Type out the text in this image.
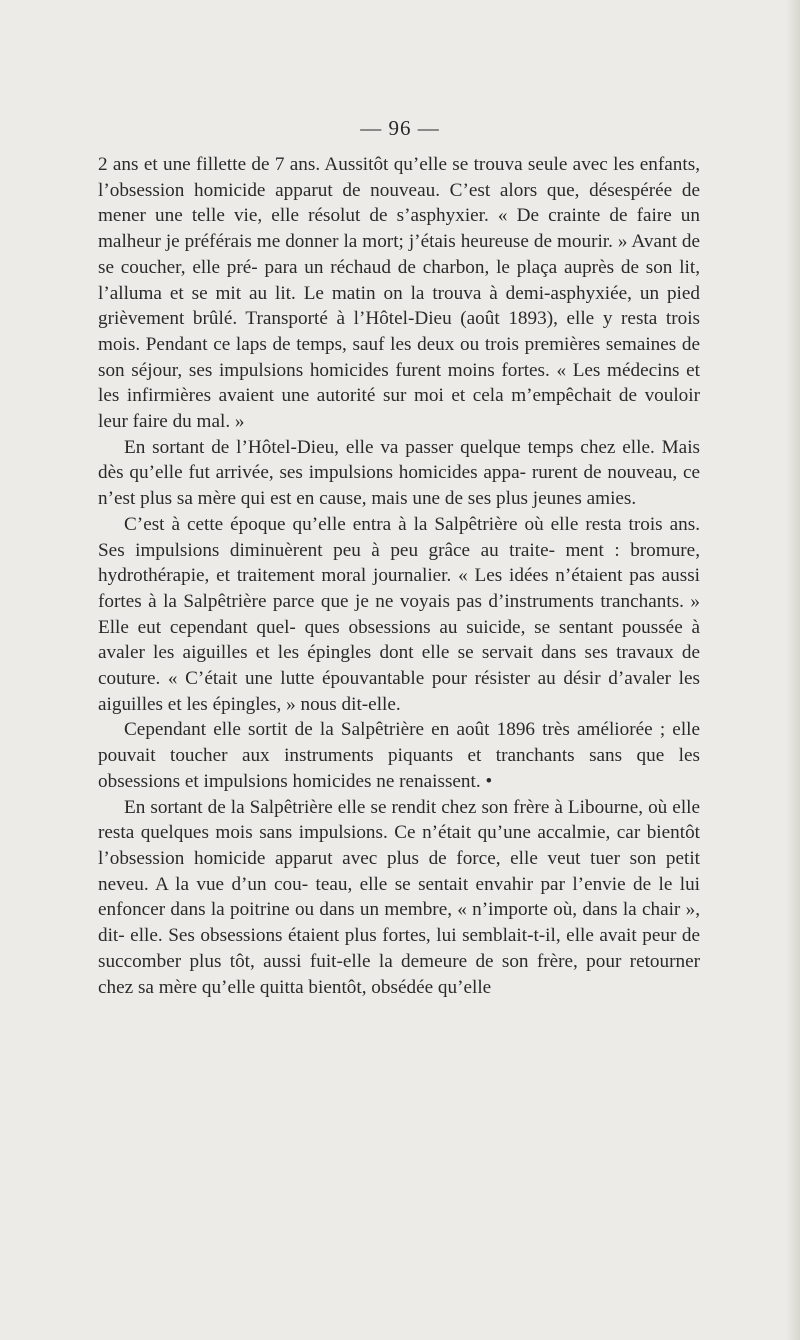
— 96 —

2 ans et une fillette de 7 ans. Aussitôt qu’elle se trouva seule avec les enfants, l’obsession homicide apparut de nouveau. C’est alors que, désespérée de mener une telle vie, elle résolut de s’asphyxier. « De crainte de faire un malheur je préférais me donner la mort; j’étais heureuse de mourir. » Avant de se coucher, elle pré- para un réchaud de charbon, le plaça auprès de son lit, l’alluma et se mit au lit. Le matin on la trouva à demi-asphyxiée, un pied grièvement brûlé. Transporté à l’Hôtel-Dieu (août 1893), elle y resta trois mois. Pendant ce laps de temps, sauf les deux ou trois premières semaines de son séjour, ses impulsions homicides furent moins fortes. « Les médecins et les infirmières avaient une autorité sur moi et cela m’empêchait de vouloir leur faire du mal. »

En sortant de l’Hôtel-Dieu, elle va passer quelque temps chez elle. Mais dès qu’elle fut arrivée, ses impulsions homicides appa- rurent de nouveau, ce n’est plus sa mère qui est en cause, mais une de ses plus jeunes amies.

C’est à cette époque qu’elle entra à la Salpêtrière où elle resta trois ans. Ses impulsions diminuèrent peu à peu grâce au traite- ment : bromure, hydrothérapie, et traitement moral journalier. « Les idées n’étaient pas aussi fortes à la Salpêtrière parce que je ne voyais pas d’instruments tranchants. » Elle eut cependant quel- ques obsessions au suicide, se sentant poussée à avaler les aiguilles et les épingles dont elle se servait dans ses travaux de couture. « C’était une lutte épouvantable pour résister au désir d’avaler les aiguilles et les épingles, » nous dit-elle.

Cependant elle sortit de la Salpêtrière en août 1896 très améliorée ; elle pouvait toucher aux instruments piquants et tranchants sans que les obsessions et impulsions homicides ne renaissent. •

En sortant de la Salpêtrière elle se rendit chez son frère à Libourne, où elle resta quelques mois sans impulsions. Ce n’était qu’une accalmie, car bientôt l’obsession homicide apparut avec plus de force, elle veut tuer son petit neveu. A la vue d’un cou- teau, elle se sentait envahir par l’envie de le lui enfoncer dans la poitrine ou dans un membre, « n’importe où, dans la chair », dit- elle. Ses obsessions étaient plus fortes, lui semblait-t-il, elle avait peur de succomber plus tôt, aussi fuit-elle la demeure de son frère, pour retourner chez sa mère qu’elle quitta bientôt, obsédée qu’elle
